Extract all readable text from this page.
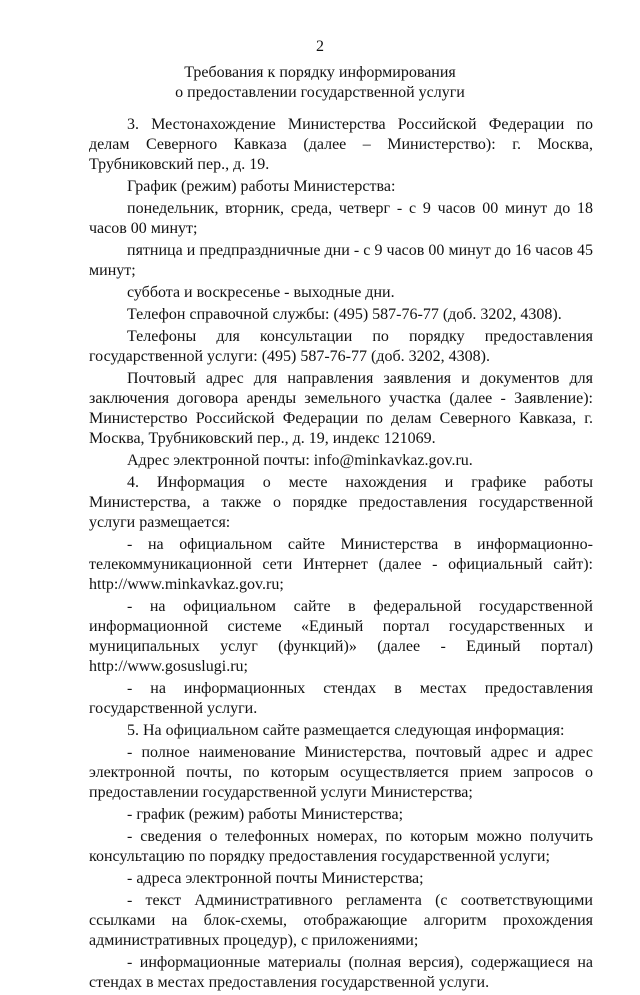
2
Требования к порядку информирования
о предоставлении государственной услуги

3. Местонахождение Министерства Российской Федерации по делам Северного Кавказа (далее – Министерство): г. Москва, Трубниковский пер., д. 19.

График (режим) работы Министерства:

понедельник, вторник, среда, четверг - с 9 часов 00 минут до 18 часов 00 минут;

пятница и предпраздничные дни - с 9 часов 00 минут до 16 часов 45 минут;

суббота и воскресенье - выходные дни.

Телефон справочной службы: (495) 587-76-77 (доб. 3202, 4308).

Телефоны для консультации по порядку предоставления государственной услуги: (495) 587-76-77 (доб. 3202, 4308).

Почтовый адрес для направления заявления и документов для заключения договора аренды земельного участка (далее - Заявление): Министерство Российской Федерации по делам Северного Кавказа, г. Москва, Трубниковский пер., д. 19, индекс 121069.

Адрес электронной почты: info@minkavkaz.gov.ru.

4. Информация о месте нахождения и графике работы Министерства, а также о порядке предоставления государственной услуги размещается:

- на официальном сайте Министерства в информационно-телекоммуникационной сети Интернет (далее - официальный сайт): http://www.minkavkaz.gov.ru;

- на официальном сайте в федеральной государственной информационной системе «Единый портал государственных и муниципальных услуг (функций)» (далее - Единый портал) http://www.gosuslugi.ru;

- на информационных стендах в местах предоставления государственной услуги.

5. На официальном сайте размещается следующая информация:

- полное наименование Министерства, почтовый адрес и адрес электронной почты, по которым осуществляется прием запросов о предоставлении государственной услуги Министерства;

- график (режим) работы Министерства;

- сведения о телефонных номерах, по которым можно получить консультацию по порядку предоставления государственной услуги;

- адреса электронной почты Министерства;

- текст Административного регламента (с соответствующими ссылками на блок-схемы, отображающие алгоритм прохождения административных процедур), с приложениями;

- информационные материалы (полная версия), содержащиеся на стендах в местах предоставления государственной услуги.
